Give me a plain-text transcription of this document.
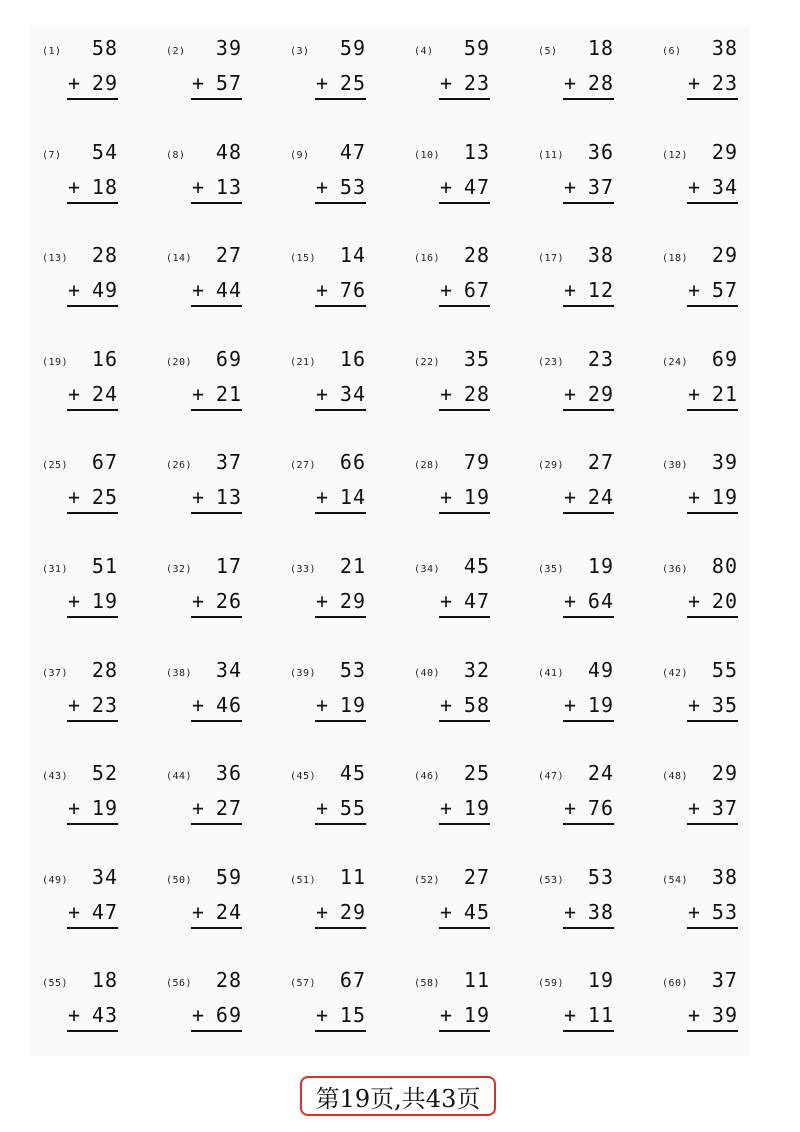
(1)	58
+ 29
(2)	39
+ 57
(3)	59
+ 25
(4)	59
+ 23
(5)	18
+ 28
(6)	38
+ 23
(7)	54
+ 18
(8)	48
+ 13
(9)	47
+ 53
(10)	13
+ 47
(11)	36
+ 37
(12)	29
+ 34
(13)	28
+ 49
(14)	27
+ 44
(15)	14
+ 76
(16)	28
+ 67
(17)	38
+ 12
(18)	29
+ 57
(19)	16
+ 24
(20)	69
+ 21
(21)	16
+ 34
(22)	35
+ 28
(23)	23
+ 29
(24)	69
+ 21
(25)	67
+ 25
(26)	37
+ 13
(27)	66
+ 14
(28)	79
+ 19
(29)	27
+ 24
(30)	39
+ 19
(31)	51
+ 19
(32)	17
+ 26
(33)	21
+ 29
(34)	45
+ 47
(35)	19
+ 64
(36)	80
+ 20
(37)	28
+ 23
(38)	34
+ 46
(39)	53
+ 19
(40)	32
+ 58
(41)	49
+ 19
(42)	55
+ 35
(43)	52
+ 19
(44)	36
+ 27
(45)	45
+ 55
(46)	25
+ 19
(47)	24
+ 76
(48)	29
+ 37
(49)	34
+ 47
(50)	59
+ 24
(51)	11
+ 29
(52)	27
+ 45
(53)	53
+ 38
(54)	38
+ 53
(55)	18
+ 43
(56)	28
+ 69
(57)	67
+ 15
(58)	11
+ 19
(59)	19
+ 11
(60)	37
+ 39
第19页,共43页
